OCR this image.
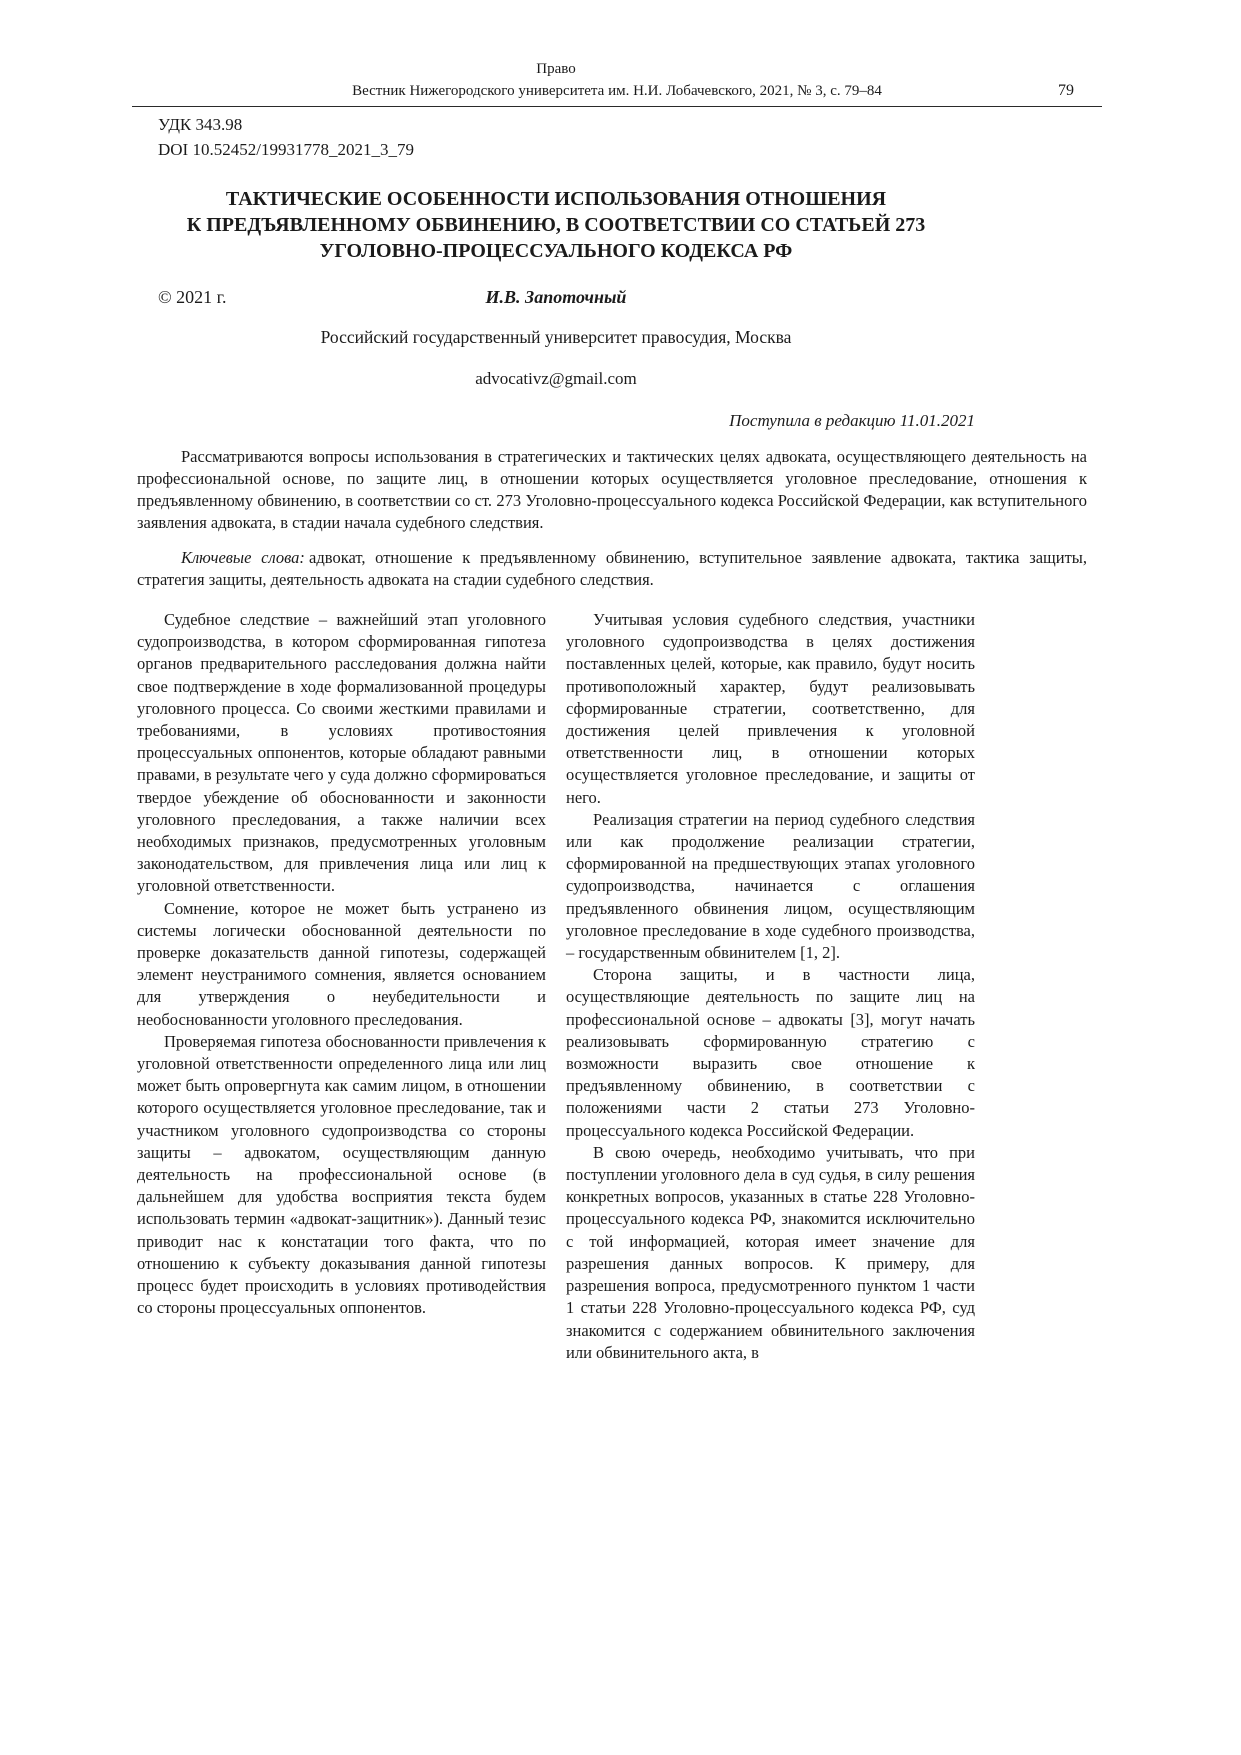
Право
Вестник Нижегородского университета им. Н.И. Лобачевского, 2021, № 3, с. 79–84	79
УДК 343.98
DOI 10.52452/19931778_2021_3_79
ТАКТИЧЕСКИЕ ОСОБЕННОСТИ ИСПОЛЬЗОВАНИЯ ОТНОШЕНИЯ
К ПРЕДЪЯВЛЕННОМУ ОБВИНЕНИЮ, В СООТВЕТСТВИИ СО СТАТЬЕЙ 273
УГОЛОВНО-ПРОЦЕССУАЛЬНОГО КОДЕКСА РФ
© 2021 г.	И.В. Запоточный
Российский государственный университет правосудия, Москва
advocativz@gmail.com
Поступила в редакцию 11.01.2021
Рассматриваются вопросы использования в стратегических и тактических целях адвоката, осуществляющего деятельность на профессиональной основе, по защите лиц, в отношении которых осуществляется уголовное преследование, отношения к предъявленному обвинению, в соответствии со ст. 273 Уголовно-процессуального кодекса Российской Федерации, как вступительного заявления адвоката, в стадии начала судебного следствия.
Ключевые слова: адвокат, отношение к предъявленному обвинению, вступительное заявление адвоката, тактика защиты, стратегия защиты, деятельность адвоката на стадии судебного следствия.

Судебное следствие – важнейший этап уголовного судопроизводства, в котором сформированная гипотеза органов предварительного расследования должна найти свое подтверждение в ходе формализованной процедуры уголовного процесса. Со своими жесткими правилами и требованиями, в условиях противостояния процессуальных оппонентов, которые обладают равными правами, в результате чего у суда должно сформироваться твердое убеждение об обоснованности и законности уголовного преследования, а также наличии всех необходимых признаков, предусмотренных уголовным законодательством, для привлечения лица или лиц к уголовной ответственности.

Сомнение, которое не может быть устранено из системы логически обоснованной деятельности по проверке доказательств данной гипотезы, содержащей элемент неустранимого сомнения, является основанием для утверждения о неубедительности и необоснованности уголовного преследования.

Проверяемая гипотеза обоснованности привлечения к уголовной ответственности определенного лица или лиц может быть опровергнута как самим лицом, в отношении которого осуществляется уголовное преследование, так и участником уголовного судопроизводства со стороны защиты – адвокатом, осуществляющим данную деятельность на профессиональной основе (в дальнейшем для удобства восприятия текста будем использовать термин «адвокат-защитник»). Данный тезис приводит нас к констатации того факта, что по отношению к субъекту доказывания данной гипотезы процесс будет происходить в условиях противодействия со стороны процессуальных оппонентов.

Учитывая условия судебного следствия, участники уголовного судопроизводства в целях достижения поставленных целей, которые, как правило, будут носить противоположный характер, будут реализовывать сформированные стратегии, соответственно, для достижения целей привлечения к уголовной ответственности лиц, в отношении которых осуществляется уголовное преследование, и защиты от него.

Реализация стратегии на период судебного следствия или как продолжение реализации стратегии, сформированной на предшествующих этапах уголовного судопроизводства, начинается с оглашения предъявленного обвинения лицом, осуществляющим уголовное преследование в ходе судебного производства, – государственным обвинителем [1, 2].

Сторона защиты, и в частности лица, осуществляющие деятельность по защите лиц на профессиональной основе – адвокаты [3], могут начать реализовывать сформированную стратегию с возможности выразить свое отношение к предъявленному обвинению, в соответствии с положениями части 2 статьи 273 Уголовно-процессуального кодекса Российской Федерации.

В свою очередь, необходимо учитывать, что при поступлении уголовного дела в суд судья, в силу решения конкретных вопросов, указанных в статье 228 Уголовно-процессуального кодекса РФ, знакомится исключительно с той информацией, которая имеет значение для разрешения данных вопросов. К примеру, для разрешения вопроса, предусмотренного пунктом 1 части 1 статьи 228 Уголовно-процессуального кодекса РФ, суд знакомится с содержанием обвинительного заключения или обвинительного акта, в
